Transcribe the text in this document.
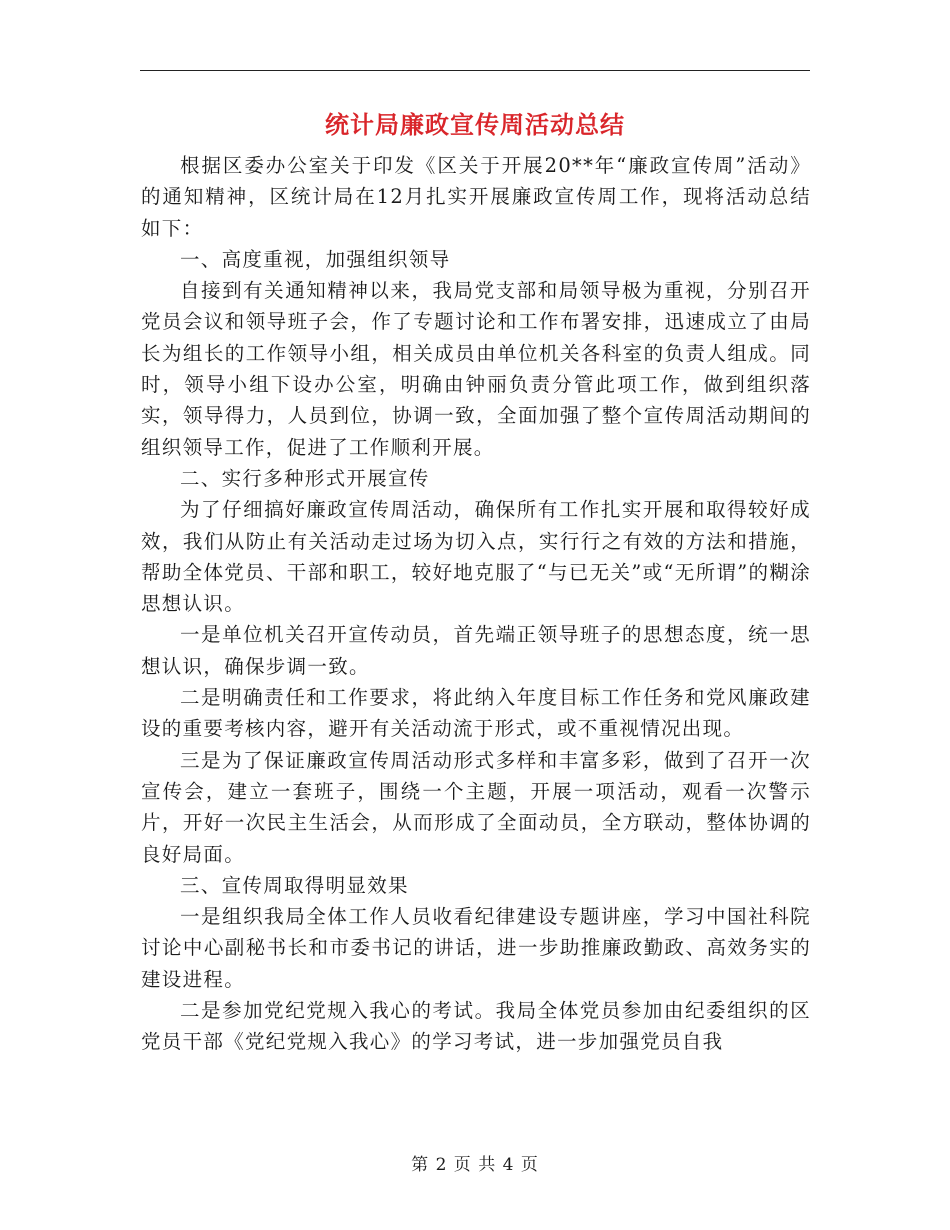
统计局廉政宣传周活动总结

根据区委办公室关于印发《区关于开展20**年“廉政宣传周”活动》的通知精神，区统计局在12月扎实开展廉政宣传周工作，现将活动总结如下：

一、高度重视，加强组织领导

自接到有关通知精神以来，我局党支部和局领导极为重视，分别召开党员会议和领导班子会，作了专题讨论和工作布署安排，迅速成立了由局长为组长的工作领导小组，相关成员由单位机关各科室的负责人组成。同时，领导小组下设办公室，明确由钟丽负责分管此项工作，做到组织落实，领导得力，人员到位，协调一致，全面加强了整个宣传周活动期间的组织领导工作，促进了工作顺利开展。

二、实行多种形式开展宣传

为了仔细搞好廉政宣传周活动，确保所有工作扎实开展和取得较好成效，我们从防止有关活动走过场为切入点，实行行之有效的方法和措施，帮助全体党员、干部和职工，较好地克服了“与已无关”或“无所谓”的糊涂思想认识。

一是单位机关召开宣传动员，首先端正领导班子的思想态度，统一思想认识，确保步调一致。

二是明确责任和工作要求，将此纳入年度目标工作任务和党风廉政建设的重要考核内容，避开有关活动流于形式，或不重视情况出现。

三是为了保证廉政宣传周活动形式多样和丰富多彩，做到了召开一次宣传会，建立一套班子，围绕一个主题，开展一项活动，观看一次警示片，开好一次民主生活会，从而形成了全面动员，全方联动，整体协调的良好局面。

三、宣传周取得明显效果

一是组织我局全体工作人员收看纪律建设专题讲座，学习中国社科院讨论中心副秘书长和市委书记的讲话，进一步助推廉政勤政、高效务实的建设进程。

二是参加党纪党规入我心的考试。我局全体党员参加由纪委组织的区党员干部《党纪党规入我心》的学习考试，进一步加强党员自我

第 2 页 共 4 页
